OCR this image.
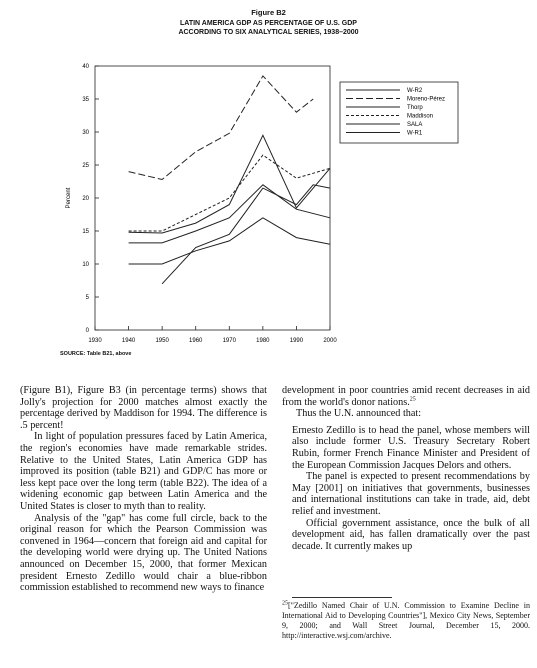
Figure B2
LATIN AMERICA GDP AS PERCENTAGE OF U.S. GDP
ACCORDING TO SIX ANALYTICAL SERIES, 1938–2000
0
5
10
15
20
25
30
35
40
1930	1940	1950	1960	1970	1980	1990	2000
Percent
W-R2
Moreno-Pérez
Thorp
Maddison
SALA
W-R1
SOURCE: Table B21, above

(Figure B1), Figure B3 (in percentage terms) shows that Jolly's projection for 2000 matches almost exactly the percentage derived by Maddison for 1994. The difference is .5 percent!

In light of population pressures faced by Latin America, the region's economies have made remarkable strides. Relative to the United States, Latin America GDP has improved its position (table B21) and GDP/C has more or less kept pace over the long term (table B22). The idea of a widening economic gap between Latin America and the United States is closer to myth than to reality.

Analysis of the "gap" has come full circle, back to the original reason for which the Pearson Commission was convened in 1964—concern that foreign aid and capital for the developing world were drying up. The United Nations announced on December 15, 2000, that former Mexican president Ernesto Zedillo would chair a blue-ribbon commission established to recommend new ways to finance

development in poor countries amid recent decreases in aid from the world's donor nations.$^{25}$

Thus the U.N. announced that:

Ernesto Zedillo is to head the panel, whose members will also include former U.S. Treasury Secretary Robert Rubin, former French Finance Minister and President of the European Commission Jacques Delors and others.

The panel is expected to present recommendations by May [2001] on initiatives that governments, businesses and international institutions can take in trade, aid, debt relief and investment.

Official government assistance, once the bulk of all development aid, has fallen dramatically over the past decade. It currently makes up

$^{25}$["Zedillo Named Chair of U.N. Commission to Examine Decline in International Aid to Developing Countries"], Mexico City News, September 9, 2000; and Wall Street Journal, December 15, 2000. http://interactive.wsj.com/archive.
